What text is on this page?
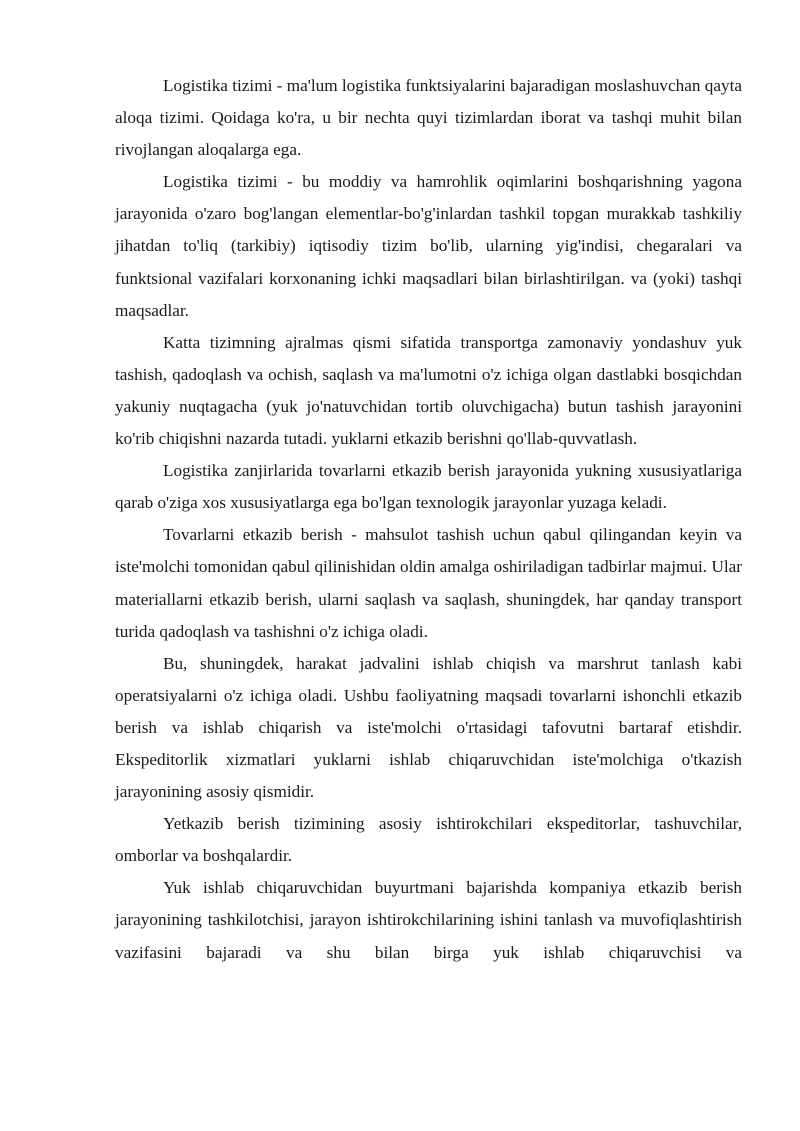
Logistika tizimi - ma'lum logistika funktsiyalarini bajaradigan moslashuvchan qayta aloqa tizimi. Qoidaga ko'ra, u bir nechta quyi tizimlardan iborat va tashqi muhit bilan rivojlangan aloqalarga ega.

Logistika tizimi - bu moddiy va hamrohlik oqimlarini boshqarishning yagona jarayonida o'zaro bog'langan elementlar-bo'g'inlardan tashkil topgan murakkab tashkiliy jihatdan to'liq (tarkibiy) iqtisodiy tizim bo'lib, ularning yig'indisi, chegaralari va funktsional vazifalari korxonaning ichki maqsadlari bilan birlashtirilgan. va (yoki) tashqi maqsadlar.

Katta tizimning ajralmas qismi sifatida transportga zamonaviy yondashuv yuk tashish, qadoqlash va ochish, saqlash va ma'lumotni o'z ichiga olgan dastlabki bosqichdan yakuniy nuqtagacha (yuk jo'natuvchidan tortib oluvchigacha) butun tashish jarayonini ko'rib chiqishni nazarda tutadi. yuklarni etkazib berishni qo'llab-quvvatlash.

Logistika zanjirlarida tovarlarni etkazib berish jarayonida yukning xususiyatlariga qarab o'ziga xos xususiyatlarga ega bo'lgan texnologik jarayonlar yuzaga keladi.

Tovarlarni etkazib berish - mahsulot tashish uchun qabul qilingandan keyin va iste'molchi tomonidan qabul qilinishidan oldin amalga oshiriladigan tadbirlar majmui. Ular materiallarni etkazib berish, ularni saqlash va saqlash, shuningdek, har qanday transport turida qadoqlash va tashishni o'z ichiga oladi.

Bu, shuningdek, harakat jadvalini ishlab chiqish va marshrut tanlash kabi operatsiyalarni o'z ichiga oladi. Ushbu faoliyatning maqsadi tovarlarni ishonchli etkazib berish va ishlab chiqarish va iste'molchi o'rtasidagi tafovutni bartaraf etishdir. Ekspeditorlik xizmatlari yuklarni ishlab chiqaruvchidan iste'molchiga o'tkazish jarayonining asosiy qismidir.

Yetkazib berish tizimining asosiy ishtirokchilari ekspeditorlar, tashuvchilar, omborlar va boshqalardir.

Yuk ishlab chiqaruvchidan buyurtmani bajarishda kompaniya etkazib berish jarayonining tashkilotchisi, jarayon ishtirokchilarining ishini tanlash va muvofiqlashtirish vazifasini bajaradi va shu bilan birga yuk ishlab chiqaruvchisi va
